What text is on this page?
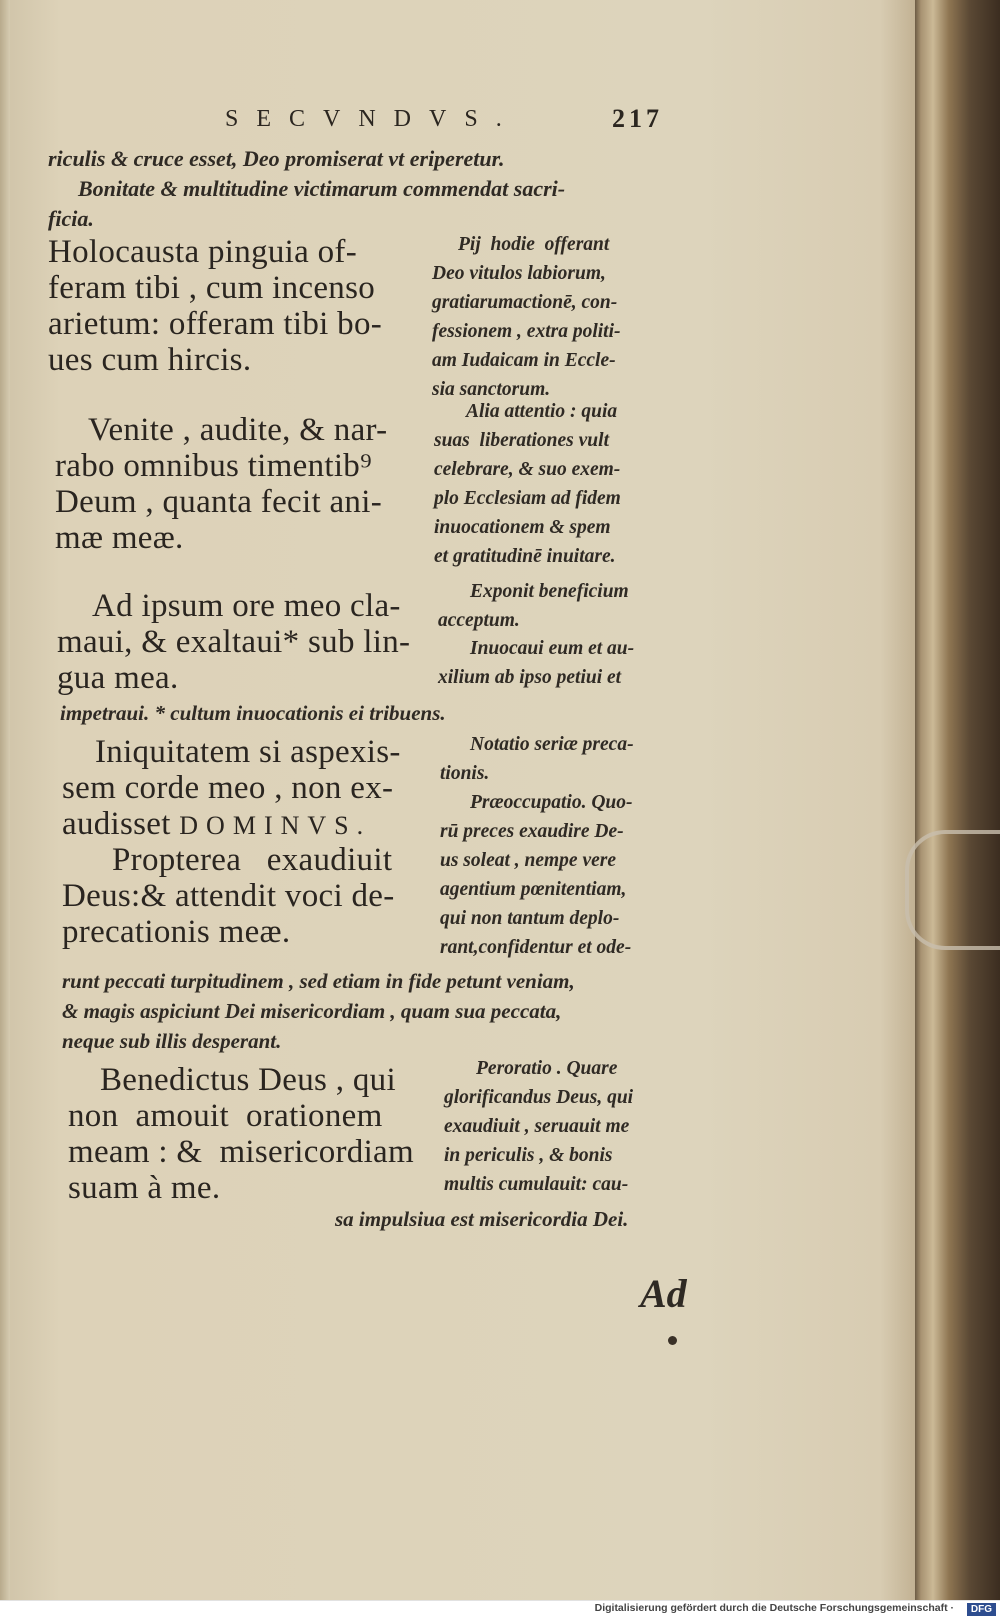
SECVNDVS.	217
riculis & cruce esset, Deo promiserat vt eriperetur.
Bonitate & multitudine victimarum commendat sacri-
ficia.
Holocausta pinguia of-
feram tibi , cum incenso
arietum: offeram tibi bo-
ues cum hircis.
Pij  hodie  offerant
Deo vitulos labiorum,
gratiarumactionē, con-
fessionem , extra politi-
am Iudaicam in Eccle-
sia sanctorum.
Venite , audite, & nar-
rabo omnibus timentib⁹
Deum , quanta fecit ani-
mæ meæ.
Alia attentio : quia
suas  liberationes vult
celebrare, & suo exem-
plo Ecclesiam ad fidem
inuocationem & spem
et gratitudinē inuitare.
Exponit beneficium
acceptum.
Ad ipsum ore meo cla-
maui, & exaltaui* sub lin-
gua mea.
Inuocaui eum et au-
xilium ab ipso petiui et
impetraui. * cultum inuocationis ei tribuens.
Iniquitatem si aspexis-
sem corde meo , non ex-
audisset DOMINVS.
Notatio seriæ preca-
tionis.
Propterea   exaudiuit
Deus:& attendit voci de-
precationis meæ.
Præoccupatio. Quo-
rū preces exaudire De-
us soleat , nempe vere
agentium pœnitentiam,
qui non tantum deplo-
rant,confidentur et ode-
runt peccati turpitudinem , sed etiam in fide petunt veniam,
& magis aspiciunt Dei misericordiam , quam sua peccata,
neque sub illis desperant.
Benedictus Deus , qui
non  amouit  orationem
meam : &  misericordiam
suam à me.
Peroratio . Quare
glorificandus Deus, qui
exaudiuit , seruauit me
in periculis , & bonis
multis cumulauit: cau-
sa impulsiua est misericordia Dei.
Ad
Digitalisierung gefördert durch die Deutsche Forschungsgemeinschaft ·	DFG
